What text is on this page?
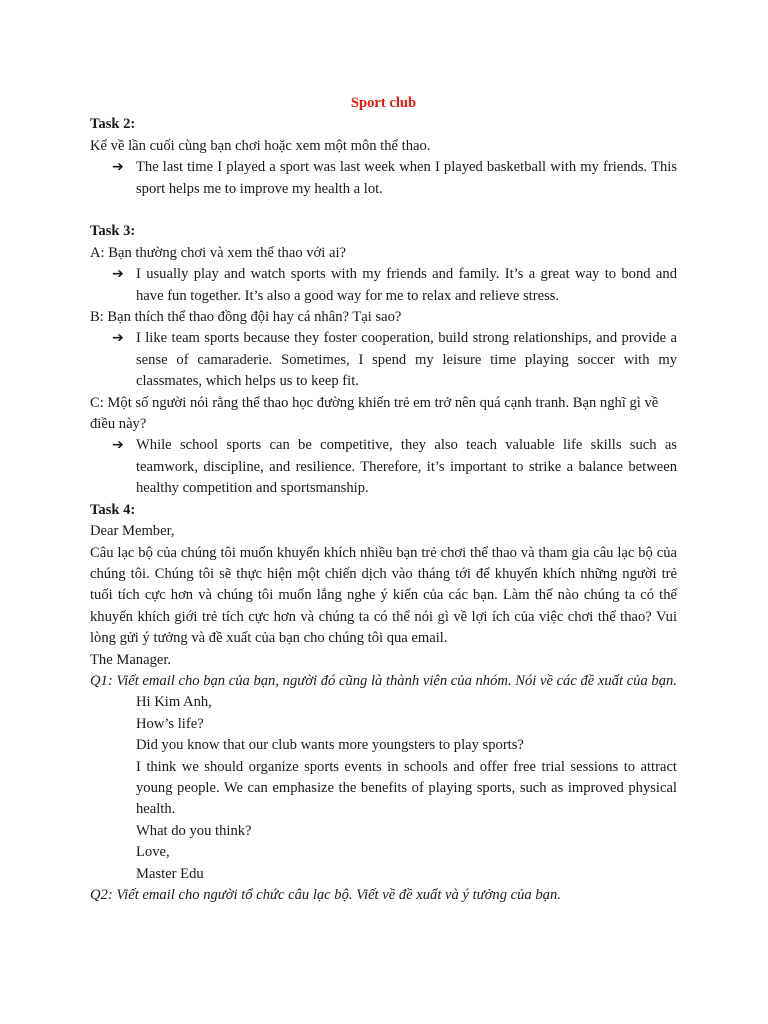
Sport club
Task 2:
Kể về lần cuối cùng bạn chơi hoặc xem một môn thể thao.
➔ The last time I played a sport was last week when I played basketball with my friends. This sport helps me to improve my health a lot.
Task 3:
A: Bạn thường chơi và xem thể thao với ai?
➔ I usually play and watch sports with my friends and family. It’s a great way to bond and have fun together. It’s also a good way for me to relax and relieve stress.
B: Bạn thích thể thao đồng đội hay cá nhân? Tại sao?
➔ I like team sports because they foster cooperation, build strong relationships, and provide a sense of camaraderie. Sometimes, I spend my leisure time playing soccer with my classmates, which helps us to keep fit.
C: Một số người nói rằng thể thao học đường khiến trẻ em trở nên quá cạnh tranh. Bạn nghĩ gì về điều này?
➔ While school sports can be competitive, they also teach valuable life skills such as teamwork, discipline, and resilience. Therefore, it’s important to strike a balance between healthy competition and sportsmanship.
Task 4:
Dear Member,
Câu lạc bộ của chúng tôi muốn khuyến khích nhiều bạn trẻ chơi thể thao và tham gia câu lạc bộ của chúng tôi. Chúng tôi sẽ thực hiện một chiến dịch vào tháng tới để khuyến khích những người trẻ tuổi tích cực hơn và chúng tôi muốn lắng nghe ý kiến của các bạn. Làm thế nào chúng ta có thể khuyến khích giới trẻ tích cực hơn và chúng ta có thể nói gì về lợi ích của việc chơi thể thao? Vui lòng gửi ý tưởng và đề xuất của bạn cho chúng tôi qua email.
The Manager.
Q1: Viết email cho bạn của bạn, người đó cũng là thành viên của nhóm. Nói về các đề xuất của bạn.
Hi Kim Anh,
How’s life?
Did you know that our club wants more youngsters to play sports?
I think we should organize sports events in schools and offer free trial sessions to attract young people. We can emphasize the benefits of playing sports, such as improved physical health.
What do you think?
Love,
Master Edu
Q2: Viết email cho người tổ chức câu lạc bộ. Viết về đề xuất và ý tưởng của bạn.
